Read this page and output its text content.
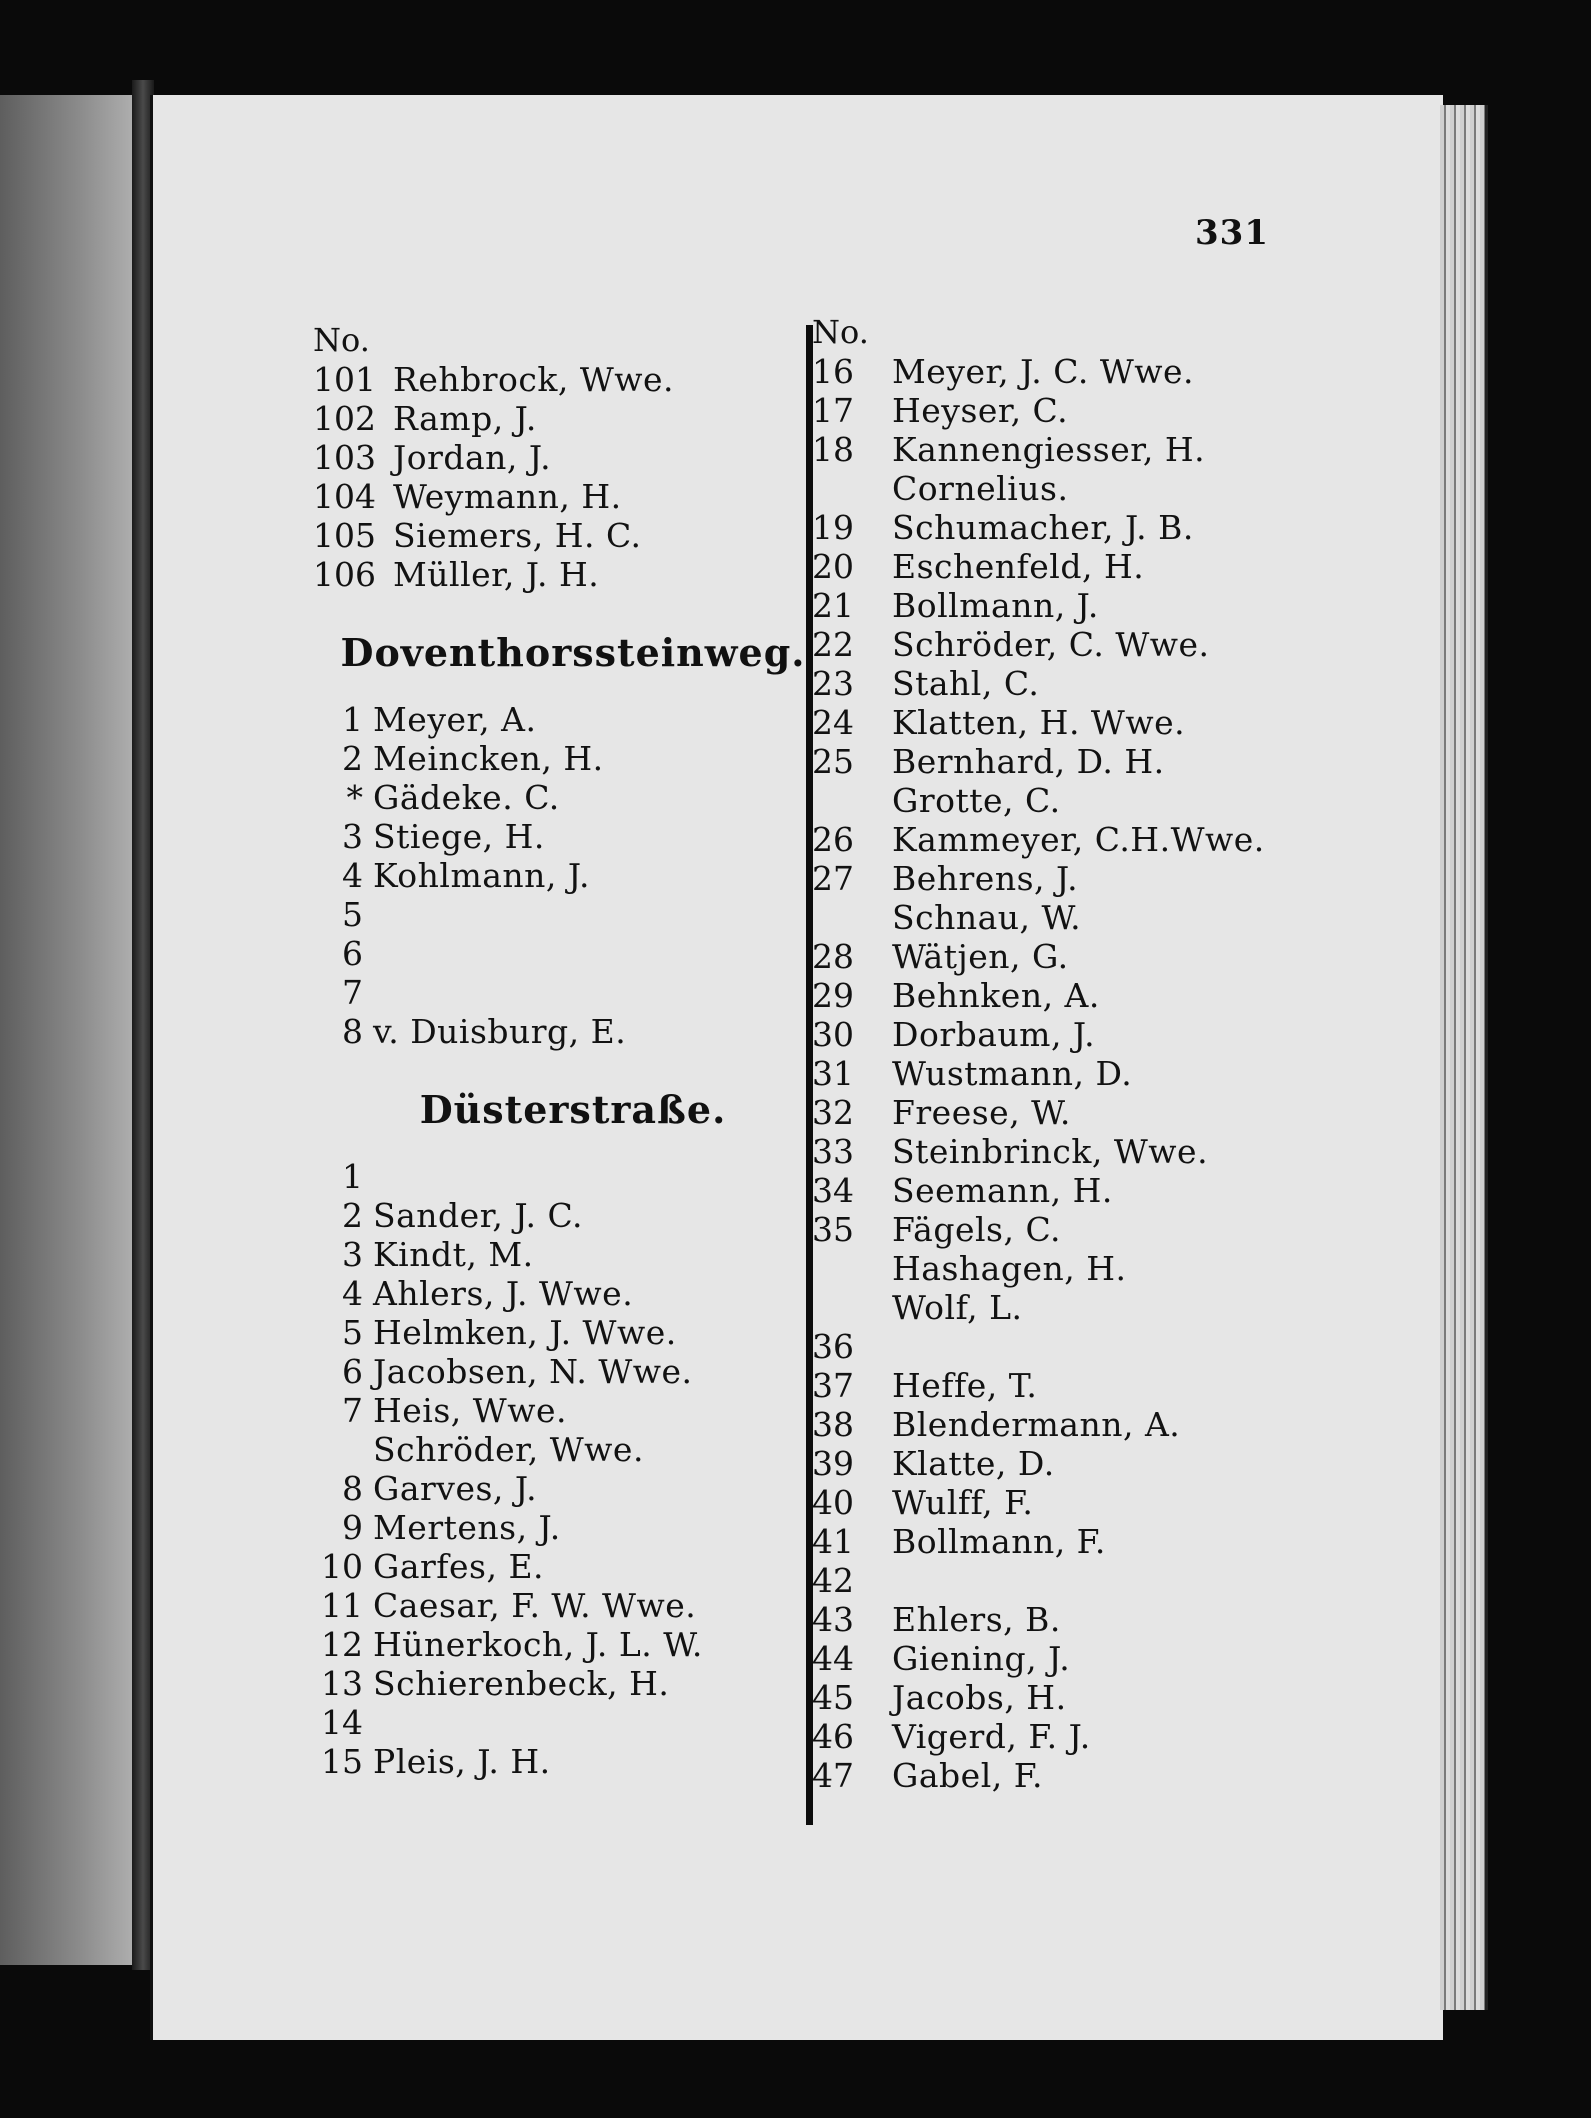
331
No.
101 Rehbrock, Wwe.
102 Ramp, J.
103 Jordan, J.
104 Weymann, H.
105 Siemers, H. C.
106 Müller, J. H.
Doventhorssteinweg.
1 Meyer, A.
2 Meincken, H.
* Gädeke. C.
3 Stiege, H.
4 Kohlmann, J.
5
6
7
8 v. Duisburg, E.
Düsterstraße.
1
2 Sander, J. C.
3 Kindt, M.
4 Ahlers, J. Wwe.
5 Helmken, J. Wwe.
6 Jacobsen, N. Wwe.
7 Heis, Wwe.
Schröder, Wwe.
8 Garves, J.
9 Mertens, J.
10 Garfes, E.
11 Caesar, F. W. Wwe.
12 Hünerkoch, J. L. W.
13 Schierenbeck, H.
14
15 Pleis, J. H.
No.
16	Meyer, J. C. Wwe.
17	Heyser, C.
18	Kannengiesser, H.
Cornelius.
19	Schumacher, J. B.
20	Eschenfeld, H.
21	Bollmann, J.
22	Schröder, C. Wwe.
23	Stahl, C.
24	Klatten, H. Wwe.
25	Bernhard, D. H.
Grotte, C.
26	Kammeyer, C.H.Wwe.
27	Behrens, J.
Schnau, W.
28	Wätjen, G.
29	Behnken, A.
30	Dorbaum, J.
31	Wustmann, D.
32	Freese, W.
33	Steinbrinck, Wwe.
34	Seemann, H.
35	Fägels, C.
Hashagen, H.
Wolf, L.
36
37	Heffe, T.
38	Blendermann, A.
39	Klatte, D.
40	Wulff, F.
41	Bollmann, F.
42
43	Ehlers, B.
44	Giening, J.
45	Jacobs, H.
46	Vigerd, F. J.
47	Gabel, F.
